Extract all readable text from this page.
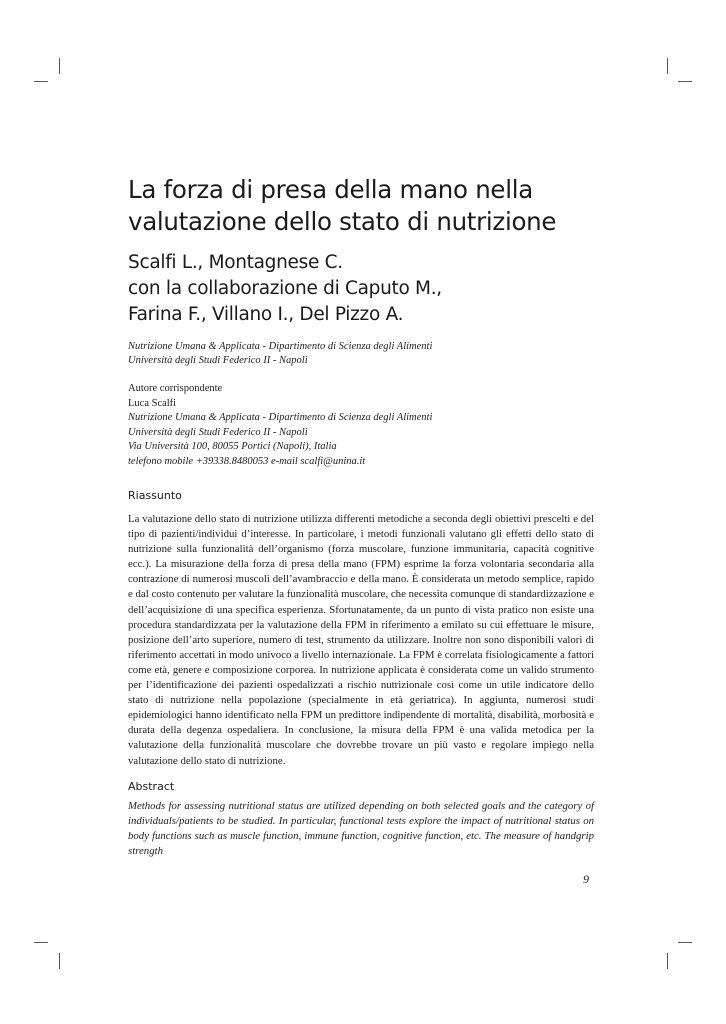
La forza di presa della mano nella
valutazione dello stato di nutrizione
Scalfi L., Montagnese C.
con la collaborazione di Caputo M.,
Farina F., Villano I., Del Pizzo A.
Nutrizione Umana & Applicata - Dipartimento di Scienza degli Alimenti
Università degli Studi Federico II - Napoli
Autore corrispondente
Luca Scalfi
Nutrizione Umana & Applicata - Dipartimento di Scienza degli Alimenti
Università degli Studi Federico II - Napoli
Via Università 100, 80055 Portici (Napoli), Italia
telefono mobile +39338.8480053 e-mail scalfi@unina.it
Riassunto

La valutazione dello stato di nutrizione utilizza differenti metodiche a seconda degli obiettivi prescelti e del tipo di pazienti/individui d’interesse. In particolare, i metodi funzionali valutano gli effetti dello stato di nutrizione sulla funzionalità dell’organismo (forza muscolare, funzione immunitaria, capacità cognitive ecc.). La misurazione della forza di presa della mano (FPM) esprime la forza volontaria secondaria alla contrazione di numerosi muscoli dell’avambraccio e della mano. È considerata un metodo semplice, rapido e dal costo contenuto per valutare la funzionalità muscolare, che necessita comunque di standardizzazione e dell’acquisizione di una specifica esperienza. Sfortunatamente, da un punto di vista pratico non esiste una procedura standardizzata per la valutazione della FPM in riferimento a emilato su cui effettuare le misure, posizione dell’arto superiore, numero di test, strumento da utilizzare. Inoltre non sono disponibili valori di riferimento accettati in modo univoco a livello internazionale. La FPM è correlata fisiologicamente a fattori come età, genere e composizione corporea. In nutrizione applicata è considerata come un valido strumento per l’identificazione dei pazienti ospedalizzati a rischio nutrizionale così come un utile indicatore dello stato di nutrizione nella popolazione (specialmente in età geriatrica). In aggiunta, numerosi studi epidemiologici hanno identificato nella FPM un predittore indipendente di mortalità, disabilità, morbosità e durata della degenza ospedaliera. In conclusione, la misura della FPM è una valida metodica per la valutazione della funzionalità muscolare che dovrebbe trovare un più vasto e regolare impiego nella valutazione dello stato di nutrizione.

Abstract

Methods for assessing nutritional status are utilized depending on both selected goals and the category of individuals/patients to be studied. In particular, functional tests explore the impact of nutritional status on body functions such as muscle function, immune function, cognitive function, etc. The measure of handgrip strength

9
